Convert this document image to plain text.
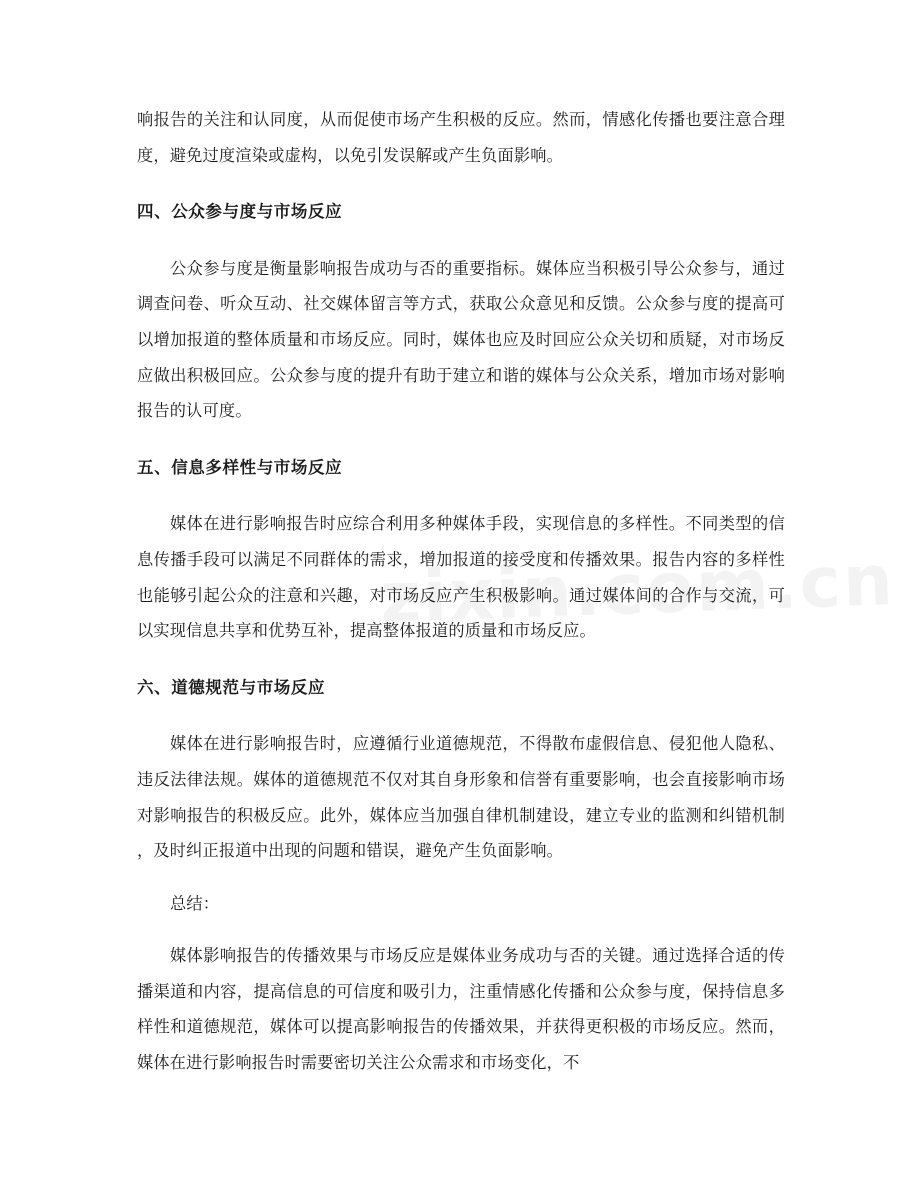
响报告的关注和认同度，从而促使市场产生积极的反应。然而，情感化传播也要注意合理度，避免过度渲染或虚构，以免引发误解或产生负面影响。

四、公众参与度与市场反应

公众参与度是衡量影响报告成功与否的重要指标。媒体应当积极引导公众参与，通过调查问卷、听众互动、社交媒体留言等方式，获取公众意见和反馈。公众参与度的提高可以增加报道的整体质量和市场反应。同时，媒体也应及时回应公众关切和质疑，对市场反应做出积极回应。公众参与度的提升有助于建立和谐的媒体与公众关系，增加市场对影响报告的认可度。

五、信息多样性与市场反应

媒体在进行影响报告时应综合利用多种媒体手段，实现信息的多样性。不同类型的信息传播手段可以满足不同群体的需求，增加报道的接受度和传播效果。报告内容的多样性也能够引起公众的注意和兴趣，对市场反应产生积极影响。通过媒体间的合作与交流，可以实现信息共享和优势互补，提高整体报道的质量和市场反应。

六、道德规范与市场反应

媒体在进行影响报告时，应遵循行业道德规范，不得散布虚假信息、侵犯他人隐私、违反法律法规。媒体的道德规范不仅对其自身形象和信誉有重要影响，也会直接影响市场对影响报告的积极反应。此外，媒体应当加强自律机制建设，建立专业的监测和纠错机制，及时纠正报道中出现的问题和错误，避免产生负面影响。

总结：

媒体影响报告的传播效果与市场反应是媒体业务成功与否的关键。通过选择合适的传播渠道和内容，提高信息的可信度和吸引力，注重情感化传播和公众参与度，保持信息多样性和道德规范，媒体可以提高影响报告的传播效果，并获得更积极的市场反应。然而，媒体在进行影响报告时需要密切关注公众需求和市场变化，不
